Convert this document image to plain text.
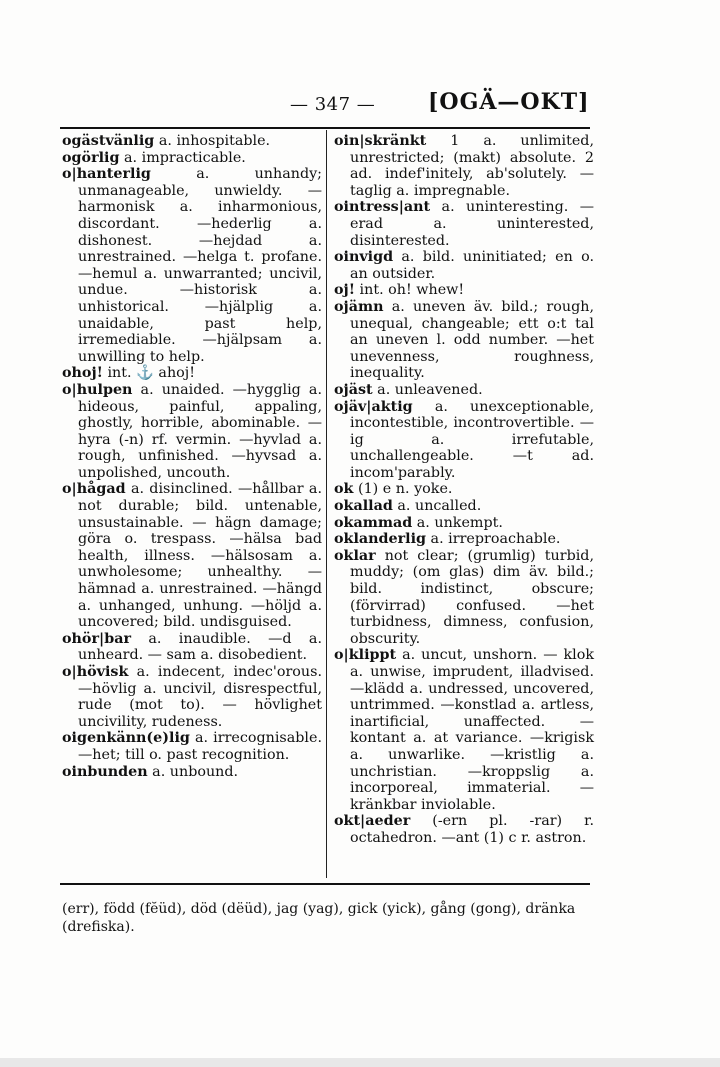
— 347 — [OGÄ—OKT]

ogästvänlig a. inhospitable.

ogörlig a. impracticable.

o|hanterlig a. unhandy; unmanageable, unwieldy. —harmonisk a. inharmonious, discordant. —hederlig a. dishonest. —hejdad a. unrestrained. —helga t. profane. —hemul a. unwarranted; uncivil, undue. —historisk a. unhistorical. —hjälplig a. unaidable, past help, irremediable. —hjälpsam a. unwilling to help.

ohoj! int. ⚓ ahoj!

o|hulpen a. unaided. —hygglig a. hideous, painful, appaling, ghostly, horrible, abominable. —hyra (-n) rf. vermin. —hyvlad a. rough, unfinished. —hyvsad a. unpolished, uncouth.

o|hågad a. disinclined. —hållbar a. not durable; bild. untenable, unsustainable. — hägn damage; göra o. trespass. —hälsa bad health, illness. —hälsosam a. unwholesome; unhealthy. —hämnad a. unrestrained. —hängd a. unhanged, unhung. —höljd a. uncovered; bild. undisguised.

ohör|bar a. inaudible. —d a. unheard. — sam a. disobedient.

o|hövisk a. indecent, indec'orous. —hövlig a. uncivil, disrespectful, rude (mot to). — hövlighet uncivility, rudeness.

oigenkänn(e)lig a. irrecognisable. —het; till o. past recognition.

oinbunden a. unbound.

oin|skränkt 1 a. unlimited, unrestricted; (makt) absolute. 2 ad. indef'initely, ab'solutely. —taglig a. impregnable.

ointress|ant a. uninteresting. —erad a. uninterested, disinterested.

oinvigd a. bild. uninitiated; en o. an outsider.

oj! int. oh! whew!

ojämn a. uneven äv. bild.; rough, unequal, changeable; ett o:t tal an uneven l. odd number. —het unevenness, roughness, inequality.

ojäst a. unleavened.

ojäv|aktig a. unexceptionable, incontestible, incontrovertible. —ig a. irrefutable, unchallengeable. —t ad. incom'parably.

ok (1) e n. yoke.

okallad a. uncalled.

okammad a. unkempt.

oklanderlig a. irreproachable.

oklar not clear; (grumlig) turbid, muddy; (om glas) dim äv. bild.; bild. indistinct, obscure; (förvirrad) confused. —het turbidness, dimness, confusion, obscurity.

o|klippt a. uncut, unshorn. — klok a. unwise, imprudent, illadvised. —klädd a. undressed, uncovered, untrimmed. —konstlad a. artless, inartificial, unaffected. — kontant a. at variance. —krigisk a. unwarlike. —kristlig a. unchristian. —kroppslig a. incorporeal, immaterial. — kränkbar inviolable.

okt|aeder (-ern pl. -rar) r. octahedron. —ant (1) c r. astron.

(err), född (fĕüd), död (dëüd), jag (yag), gick (yick), gång (gong), dränka (drefiska).
